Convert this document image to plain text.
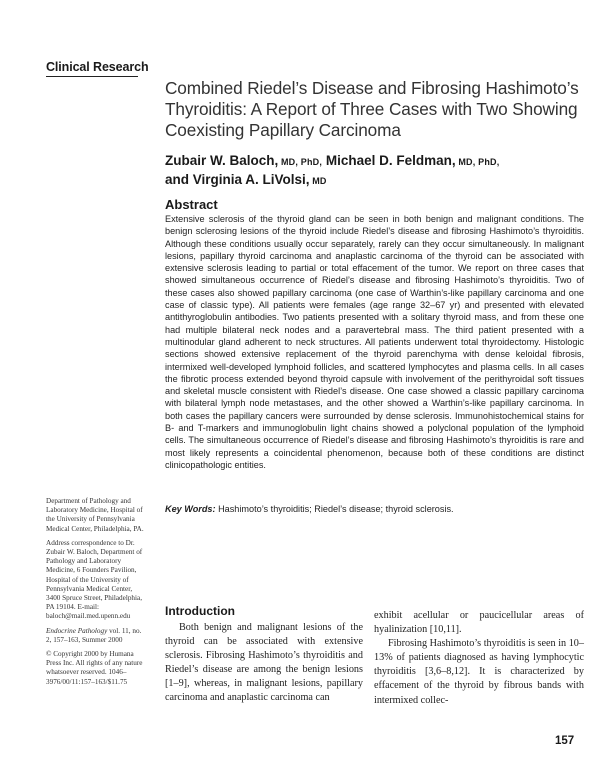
Clinical Research
Combined Riedel’s Disease and Fibrosing Hashimoto’s Thyroiditis: A Report of Three Cases with Two Showing Coexisting Papillary Carcinoma
Zubair W. Baloch, MD, PhD, Michael D. Feldman, MD, PhD,
and Virginia A. LiVolsi, MD
Abstract
Extensive sclerosis of the thyroid gland can be seen in both benign and malignant conditions. The benign sclerosing lesions of the thyroid include Riedel’s disease and fibrosing Hashimoto’s thyroiditis. Although these conditions usually occur separately, rarely can they occur simultaneously. In malignant lesions, papillary thyroid carcinoma and anaplastic carcinoma of the thyroid can be associated with extensive sclerosis leading to partial or total effacement of the tumor. We report on three cases that showed simultaneous occurrence of Riedel’s disease and fibrosing Hashimoto’s thyroiditis. Two of these cases also showed papillary carcinoma (one case of Warthin’s-like papillary carcinoma and one case of classic type). All patients were females (age range 32–67 yr) and presented with elevated antithyroglobulin antibodies. Two patients presented with a solitary thyroid mass, and from these one had multiple bilateral neck nodes and a paravertebral mass. The third patient presented with a multinodular gland adherent to neck structures. All patients underwent total thyroidectomy. Histologic sections showed extensive replacement of the thyroid parenchyma with dense keloidal fibrosis, intermixed well-developed lymphoid follicles, and scattered lymphocytes and plasma cells. In all cases the fibrotic process extended beyond thyroid capsule with involvement of the perithyroidal soft tissues and skeletal muscle consistent with Riedel’s disease. One case showed a classic papillary carcinoma with bilateral lymph node metastases, and the other showed a Warthin’s-like papillary carcinoma. In both cases the papillary cancers were surrounded by dense sclerosis. Immunohistochemical stains for B- and T-markers and immunoglobulin light chains showed a polyclonal population of the lymphoid cells. The simultaneous occurrence of Riedel’s disease and fibrosing Hashimoto’s thyroiditis is rare and most likely represents a coincidental phenomenon, because both of these conditions are distinct clinicopathologic entities.
Key Words: Hashimoto’s thyroiditis; Riedel’s disease; thyroid sclerosis.

Department of Pathology and Laboratory Medicine, Hospital of the University of Pennsylvania Medical Center, Philadelphia, PA.

Address correspondence to Dr. Zubair W. Baloch, Department of Pathology and Laboratory Medicine, 6 Founders Pavilion, Hospital of the University of Pennsylvania Medical Center, 3400 Spruce Street, Philadelphia, PA 19104. E-mail: baloch@mail.med.upenn.edu

Endocrine Pathology vol. 11, no. 2, 157–163, Summer 2000

© Copyright 2000 by Humana Press Inc. All rights of any nature whatsoever reserved. 1046–3976/00/11:157–163/$11.75

Introduction

Both benign and malignant lesions of the thyroid can be associated with extensive sclerosis. Fibrosing Hashimoto’s thyroiditis and Riedel’s disease are among the benign lesions [1–9], whereas, in malignant lesions, papillary carcinoma and anaplastic carcinoma can

exhibit acellular or paucicellular areas of hyalinization [10,11].

Fibrosing Hashimoto’s thyroiditis is seen in 10–13% of patients diagnosed as having lymphocytic thyroiditis [3,6–8,12]. It is characterized by effacement of the thyroid by fibrous bands with intermixed collec-

157
